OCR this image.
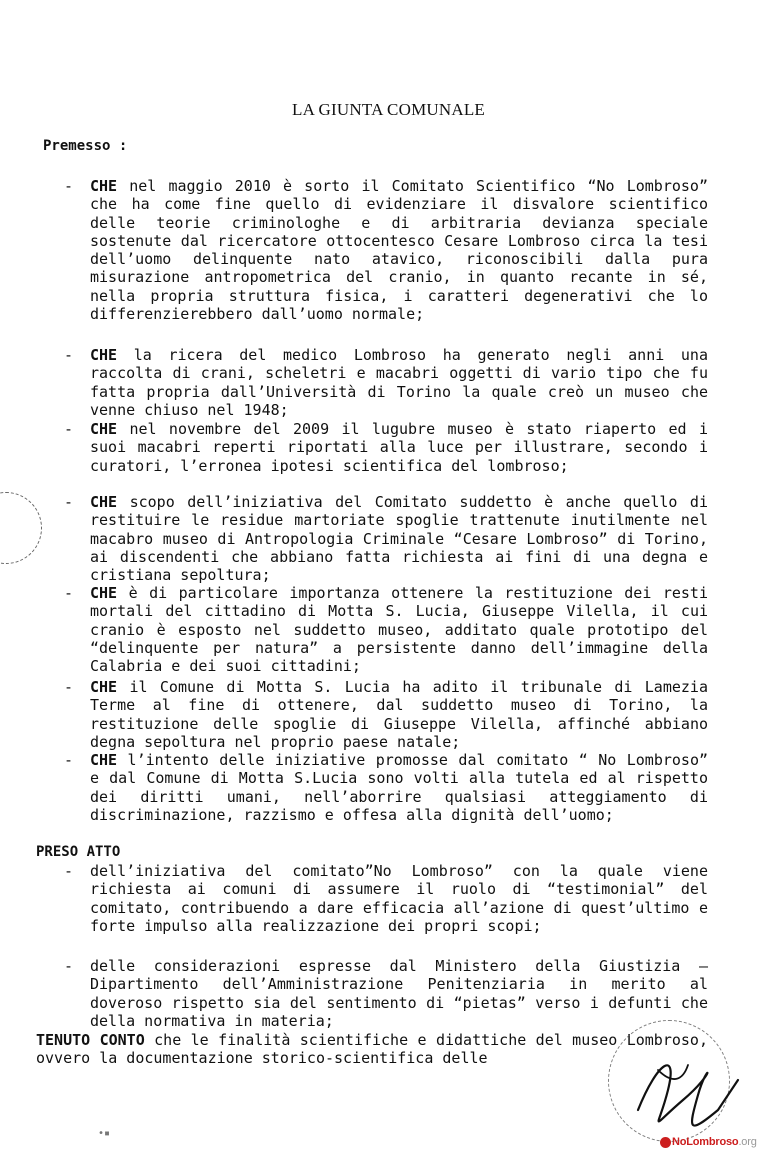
LA GIUNTA COMUNALE
Premesso :
- CHE nel maggio 2010 è sorto il Comitato Scientifico “No Lombroso” che ha come fine quello di evidenziare il disvalore scientifico delle teorie criminologhe e di arbitraria devianza speciale sostenute dal ricercatore ottocentesco Cesare Lombroso circa la tesi dell’uomo delinquente nato atavico, riconoscibili dalla pura misurazione antropometrica del cranio, in quanto recante in sé, nella propria struttura fisica, i caratteri degenerativi che lo differenzierebbero dall’uomo normale;
- CHE la ricera del medico Lombroso ha generato negli anni una raccolta di crani, scheletri e macabri oggetti di vario tipo che fu fatta propria dall’Università di Torino la quale creò un museo che venne chiuso nel 1948;
- CHE nel novembre del 2009 il lugubre museo è stato riaperto ed i suoi macabri reperti riportati alla luce per illustrare, secondo i curatori, l’erronea ipotesi scientifica del lombroso;
- CHE scopo dell’iniziativa del Comitato suddetto è anche quello di restituire le residue martoriate spoglie trattenute inutilmente nel macabro museo di Antropologia Criminale “Cesare Lombroso” di Torino, ai discendenti che abbiano fatta richiesta ai fini di una degna e cristiana sepoltura;
- CHE è di particolare importanza ottenere la restituzione dei resti mortali del cittadino di Motta S. Lucia, Giuseppe Vilella, il cui cranio è esposto nel suddetto museo, additato quale prototipo del “delinquente per natura” a persistente danno dell’immagine della Calabria e dei suoi cittadini;
- CHE il Comune di Motta S. Lucia ha adito il tribunale di Lamezia Terme al fine di ottenere, dal suddetto museo di Torino, la restituzione delle spoglie di Giuseppe Vilella, affinché abbiano degna sepoltura nel proprio paese natale;
- CHE l’intento delle iniziative promosse dal comitato “ No Lombroso” e dal Comune di Motta S.Lucia sono volti alla tutela ed al rispetto dei diritti umani, nell’aborrire qualsiasi atteggiamento di discriminazione, razzismo e offesa alla dignità dell’uomo;
PRESO ATTO
- dell’iniziativa del comitato”No Lombroso” con la quale viene richiesta ai comuni di assumere il ruolo di “testimonial” del comitato, contribuendo a dare efficacia all’azione di quest’ultimo e forte impulso alla realizzazione dei propri scopi;
- delle considerazioni espresse dal Ministero della Giustizia – Dipartimento dell’Amministrazione Penitenziaria in merito al doveroso rispetto sia del sentimento di “pietas” verso i defunti che della normativa in materia;
TENUTO CONTO che le finalità scientifiche e didattiche del museo Lombroso, ovvero la documentazione storico-scientifica delle
•▪
NoLombroso.org
